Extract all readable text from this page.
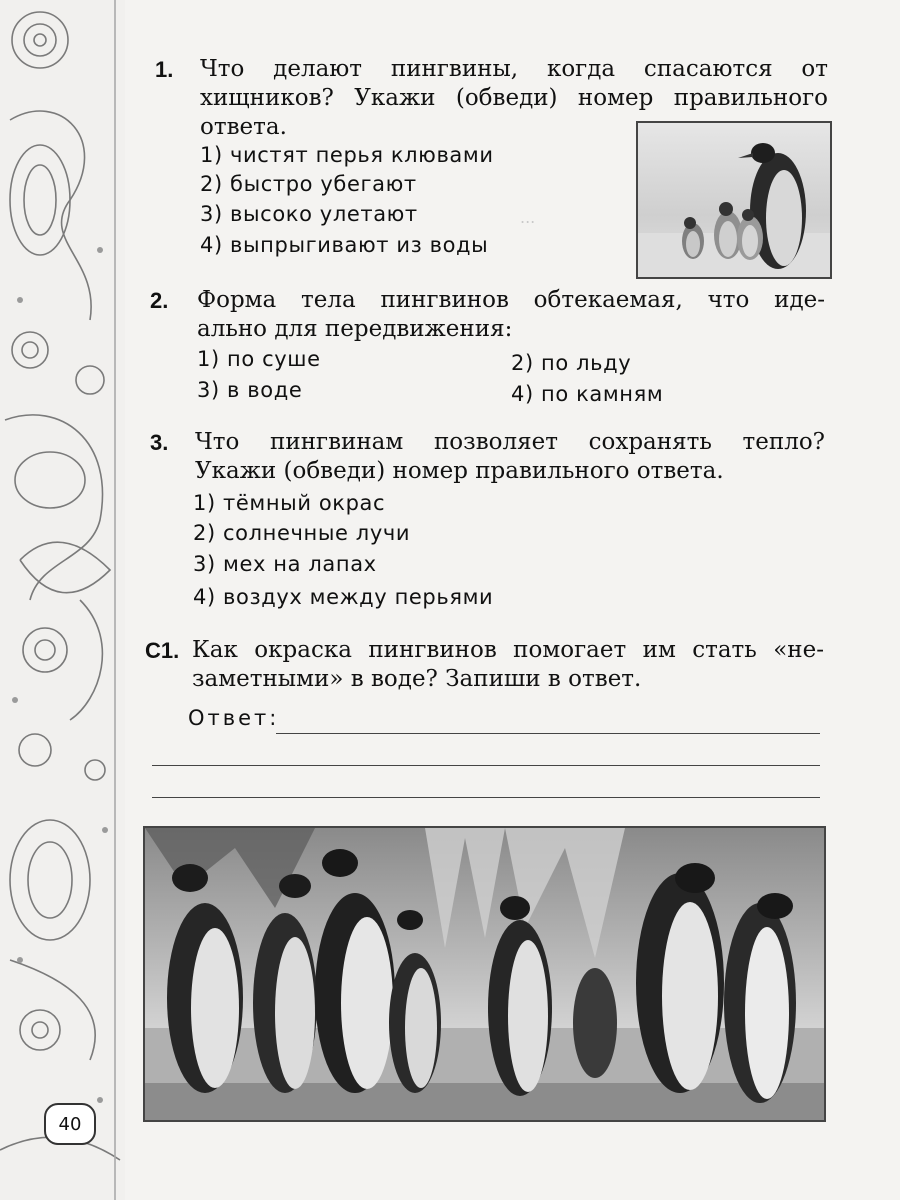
40
1. Что делают пингвины, когда спасаются от
хищников? Укажи (обведи) номер правильного
ответа.
1) чистят перья клювами
2) быстро убегают
3) высоко улетают
4) выпрыгивают из воды
...
2. Форма тела пингвинов обтекаемая, что иде-
ально для передвижения:
1) по суше	2) по льду
3) в воде	4) по камням
3. Что пингвинам позволяет сохранять тепло?
Укажи (обведи) номер правильного ответа.
1) тёмный окрас
2) солнечные лучи
3) мех на лапах
4) воздух между перьями
С1. Как окраска пингвинов помогает им стать «не-
заметными» в воде? Запиши в ответ.
Ответ:
